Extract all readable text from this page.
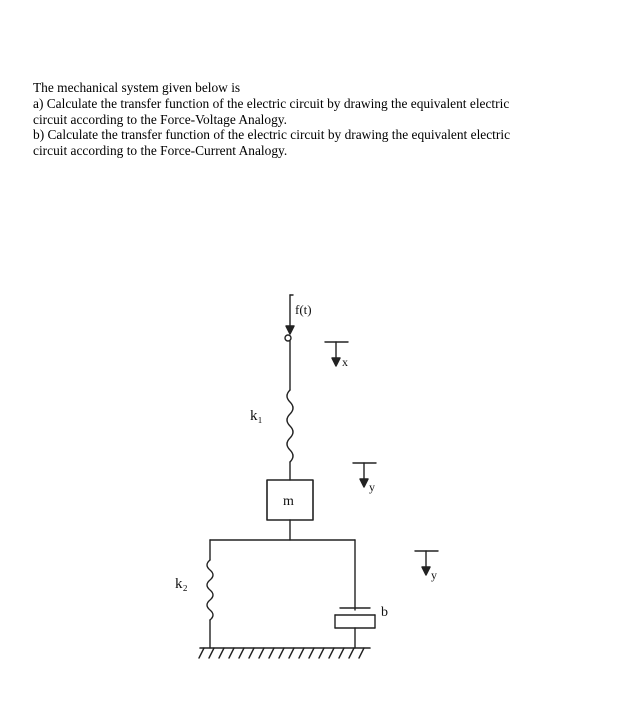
The mechanical system given below is

a) Calculate the transfer function of the electric circuit by drawing the equivalent electric

circuit according to the Force-Voltage Analogy.

b) Calculate the transfer function of the electric circuit by drawing the equivalent electric

circuit according to the Force-Current Analogy.

f(t)
k₁
m
k₂
b
x
y
y
